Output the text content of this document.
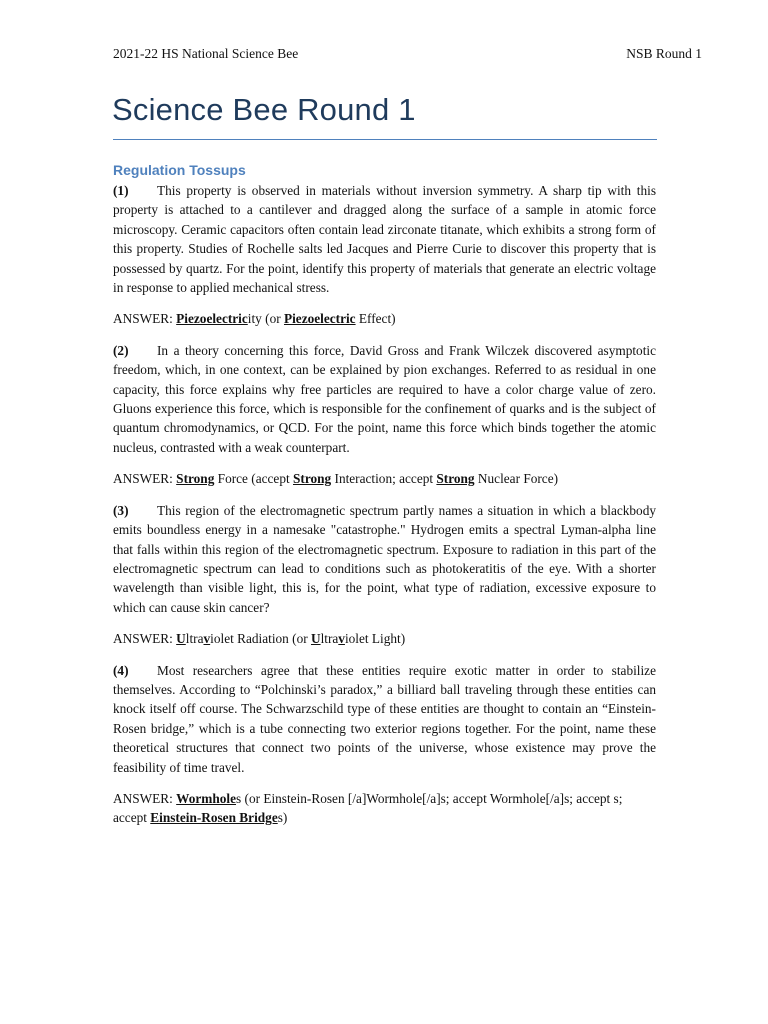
2021-22 HS National Science Bee	NSB Round 1
Science Bee Round 1
Regulation Tossups
(1) This property is observed in materials without inversion symmetry. A sharp tip with this property is attached to a cantilever and dragged along the surface of a sample in atomic force microscopy. Ceramic capacitors often contain lead zirconate titanate, which exhibits a strong form of this property. Studies of Rochelle salts led Jacques and Pierre Curie to discover this property that is possessed by quartz. For the point, identify this property of materials that generate an electric voltage in response to applied mechanical stress.
ANSWER: Piezoelectricity (or Piezoelectric Effect)
(2) In a theory concerning this force, David Gross and Frank Wilczek discovered asymptotic freedom, which, in one context, can be explained by pion exchanges. Referred to as residual in one capacity, this force explains why free particles are required to have a color charge value of zero. Gluons experience this force, which is responsible for the confinement of quarks and is the subject of quantum chromodynamics, or QCD. For the point, name this force which binds together the atomic nucleus, contrasted with a weak counterpart.
ANSWER: Strong Force (accept Strong Interaction; accept Strong Nuclear Force)
(3) This region of the electromagnetic spectrum partly names a situation in which a blackbody emits boundless energy in a namesake "catastrophe." Hydrogen emits a spectral Lyman-alpha line that falls within this region of the electromagnetic spectrum. Exposure to radiation in this part of the electromagnetic spectrum can lead to conditions such as photokeratitis of the eye. With a shorter wavelength than visible light, this is, for the point, what type of radiation, excessive exposure to which can cause skin cancer?
ANSWER: Ultraviolet Radiation (or Ultraviolet Light)
(4) Most researchers agree that these entities require exotic matter in order to stabilize themselves. According to “Polchinski’s paradox,” a billiard ball traveling through these entities can knock itself off course. The Schwarzschild type of these entities are thought to contain an “Einstein-Rosen bridge,” which is a tube connecting two exterior regions together. For the point, name these theoretical structures that connect two points of the universe, whose existence may prove the feasibility of time travel.
ANSWER: Wormholes (or Einstein-Rosen [/a]Wormhole[/a]s; accept Wormhole[/a]s; accept s; accept Einstein-Rosen Bridges)
